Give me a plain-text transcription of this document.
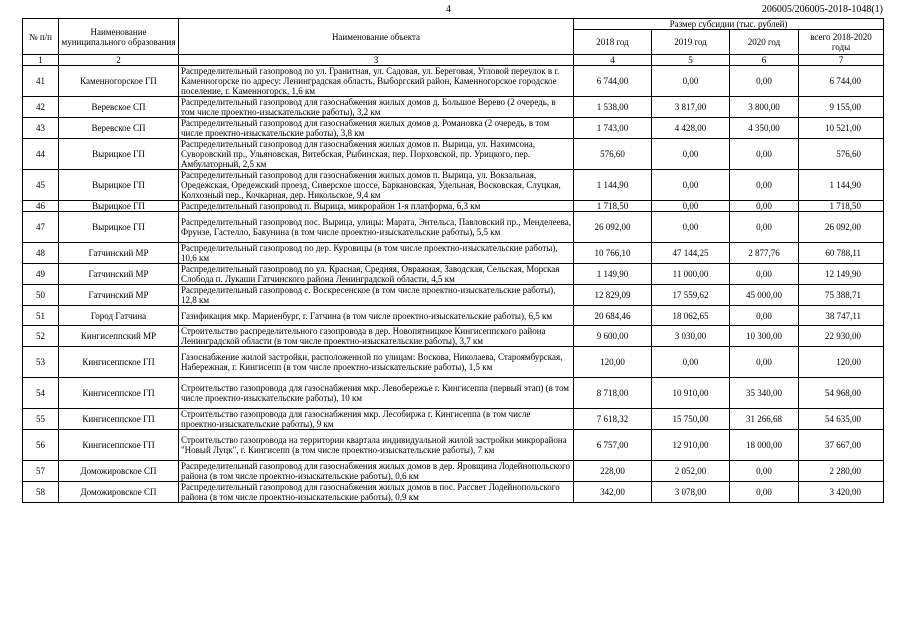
4	206005/206005-2018-1048(1)
№ п/п	Наименование муниципального образования	Наименование объекта	Размер субсидии (тыс. рублей)			
			2018 год	2019 год	2020 год	всего 2018-2020 годы
1	2	3	4	5	6	7
41	Каменногорское ГП	Распределительный газопровод по ул. Гранитная, ул. Садовая, ул. Береговая, Угловой переулок в г. Каменногорске по адресу: Ленинградская область, Выборгский район, Каменногорское городское поселение, г. Каменногорск, 1,6 км	6 744,00	0,00	0,00	6 744,00
42	Веревское СП	Распределительный газопровод для газоснабжения жилых домов д. Большое Верево (2 очередь, в том числе проектно-изыскательские работы), 3,2 км	1 538,00	3 817,00	3 800,00	9 155,00
43	Веревское СП	Распределительный газопровод для газоснабжения жилых домов д. Романовка (2 очередь, в том числе проектно-изыскательские работы), 3,8 км	1 743,00	4 428,00	4 350,00	10 521,00
44	Вырицкое ГП	Распределительный газопровод для газоснабжения жилых домов п. Вырица, ул. Нахимсона, Суворовский пр., Ульяновская, Витебская, Рыбинская, пер. Порховской, пр. Урицкого, пер. Амбулаторный, 2,5 км	576,60	0,00	0,00	576,60
45	Вырицкое ГП	Распределительный газопровод для газоснабжения жилых домов п. Вырица, ул. Вокзальная, Оредежская, Оредежский проезд, Сиверское шоссе, Баркановская, Удельная, Восковская, Слуцкая, Колхозный пер., Кочкарная, дер. Никольское, 9,4 км	1 144,90	0,00	0,00	1 144,90
46	Вырицкое ГП	Распределительный газопровод п. Вырица, микрорайон 1-я платформа, 6,3 км	1 718,50	0,00	0,00	1 718,50
47	Вырицкое ГП	Распределительный газопровод пос. Вырица, улицы: Марата, Энтельса, Павловский пр., Менделеева, Фрунзе, Гастелло, Бакунина (в том числе проектно-изыскательские работы), 5,5 км	26 092,00	0,00	0,00	26 092,00
48	Гатчинский МР	Распределительный газопровод по дер. Куровицы (в том числе проектно-изыскательские работы), 10,6 км	10 766,10	47 144,25	2 877,76	60 788,11
49	Гатчинский МР	Распределительный газопровод по ул. Красная, Средняя, Овражная, Заводская, Сельская, Морская Слобода п. Лукаши Гатчинского района Ленинградской области, 4,5 км	1 149,90	11 000,00	0,00	12 149,90
50	Гатчинский МР	Распределительный газопровод с. Воскресенское (в том числе проектно-изыскательские работы), 12,8 км	12 829,09	17 559,62	45 000,00	75 388,71
51	Город Гатчина	Газификация мкр. Мариенбург, г. Гатчина (в том числе проектно-изыскательские работы), 6,5 км	20 684,46	18 062,65	0,00	38 747,11
52	Кингисеппский МР	Строительство распределительного газопровода в дер. Новопятницкое Кингисеппского района Ленинградской области (в том числе проектно-изыскательские работы), 3,7 км	9 600,00	3 030,00	10 300,00	22 930,00
53	Кингисеппское ГП	Газоснабжение жилой застройки, расположенной по улицам: Воскова, Николаева, Староямбурская, Набережная, г. Кингисепп (в том числе проектно-изыскательские работы), 1,5 км	120,00	0,00	0,00	120,00
54	Кингисеппское ГП	Строительство газопровода для газоснабжения мкр. Левобережье г. Кингисеппа (первый этап) (в том числе проектно-изыскательские работы), 10 км	8 718,00	10 910,00	35 340,00	54 968,00
55	Кингисеппское ГП	Строительство газопровода для газоснабжения мкр. Лесобиржа г. Кингисеппа (в том числе проектно-изыскательские работы), 9 км	7 618,32	15 750,00	31 266,68	54 635,00
56	Кингисеппское ГП	Строительство газопровода на территории квартала индивидуальной жилой застройки микрорайона "Новый Луцк", г. Кингисепп (в том числе проектно-изыскательские работы), 7 км	6 757,00	12 910,00	18 000,00	37 667,00
57	Доможировское СП	Распределительный газопровод для газоснабжения жилых домов в дер. Яровщина Лодейнопольского района (в том числе проектно-изыскательские работы), 0,6 км	228,00	2 052,00	0,00	2 280,00
58	Доможировское СП	Распределительный газопровод для газоснабжения жилых домов в пос. Рассвет Лодейнопольского района (в том числе проектно-изыскательские работы), 0,9 км	342,00	3 078,00	0,00	3 420,00
